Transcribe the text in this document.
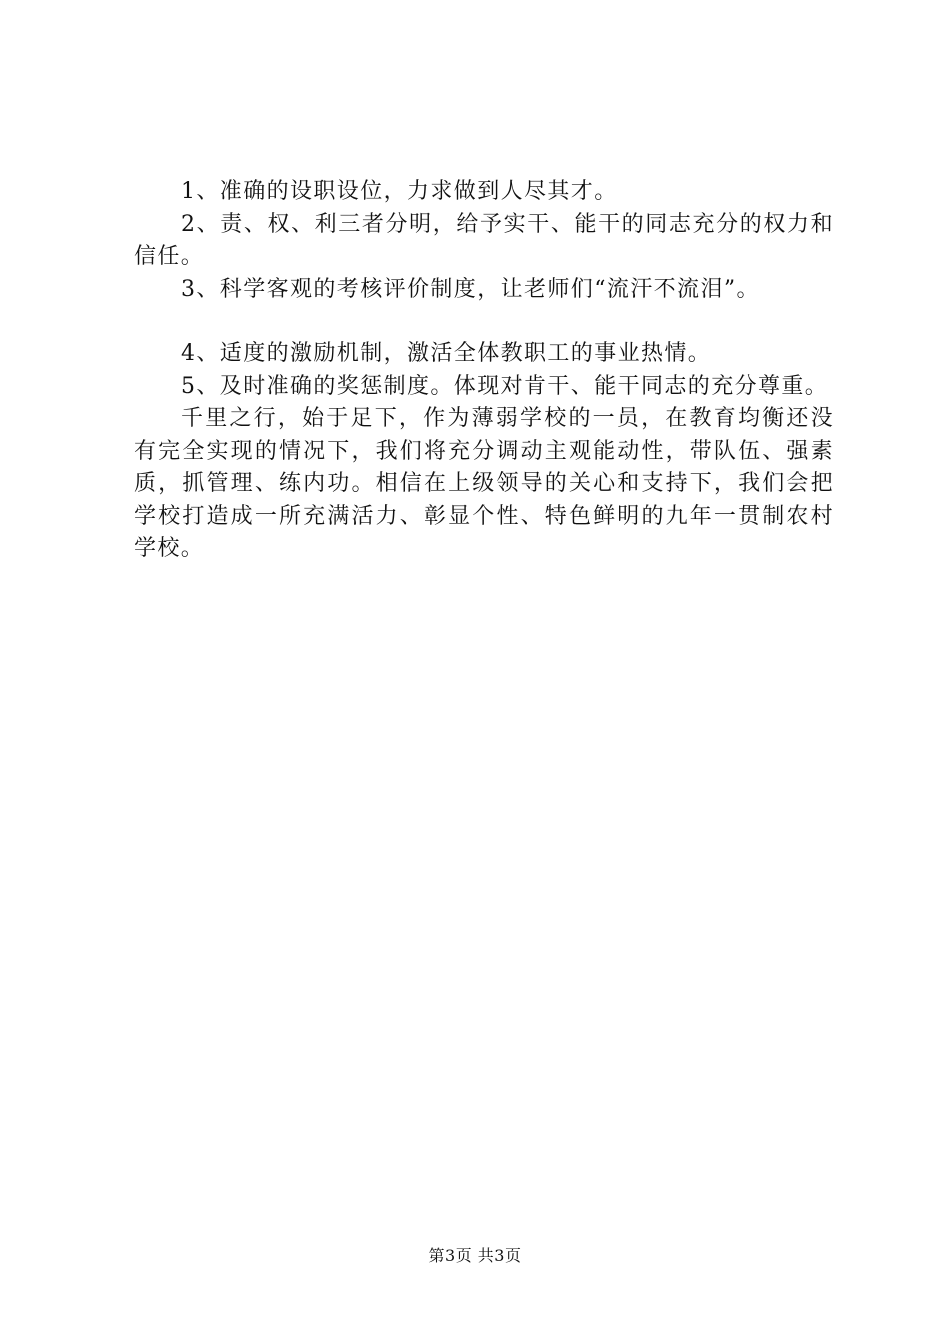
1、准确的设职设位，力求做到人尽其才。

2、责、权、利三者分明，给予实干、能干的同志充分的权力和信任。

3、科学客观的考核评价制度，让老师们“流汗不流泪”。

4、适度的激励机制，激活全体教职工的事业热情。

5、及时准确的奖惩制度。体现对肯干、能干同志的充分尊重。

千里之行，始于足下，作为薄弱学校的一员，在教育均衡还没有完全实现的情况下，我们将充分调动主观能动性，带队伍、强素质，抓管理、练内功。相信在上级领导的关心和支持下，我们会把学校打造成一所充满活力、彰显个性、特色鲜明的九年一贯制农村学校。

第3页 共3页
